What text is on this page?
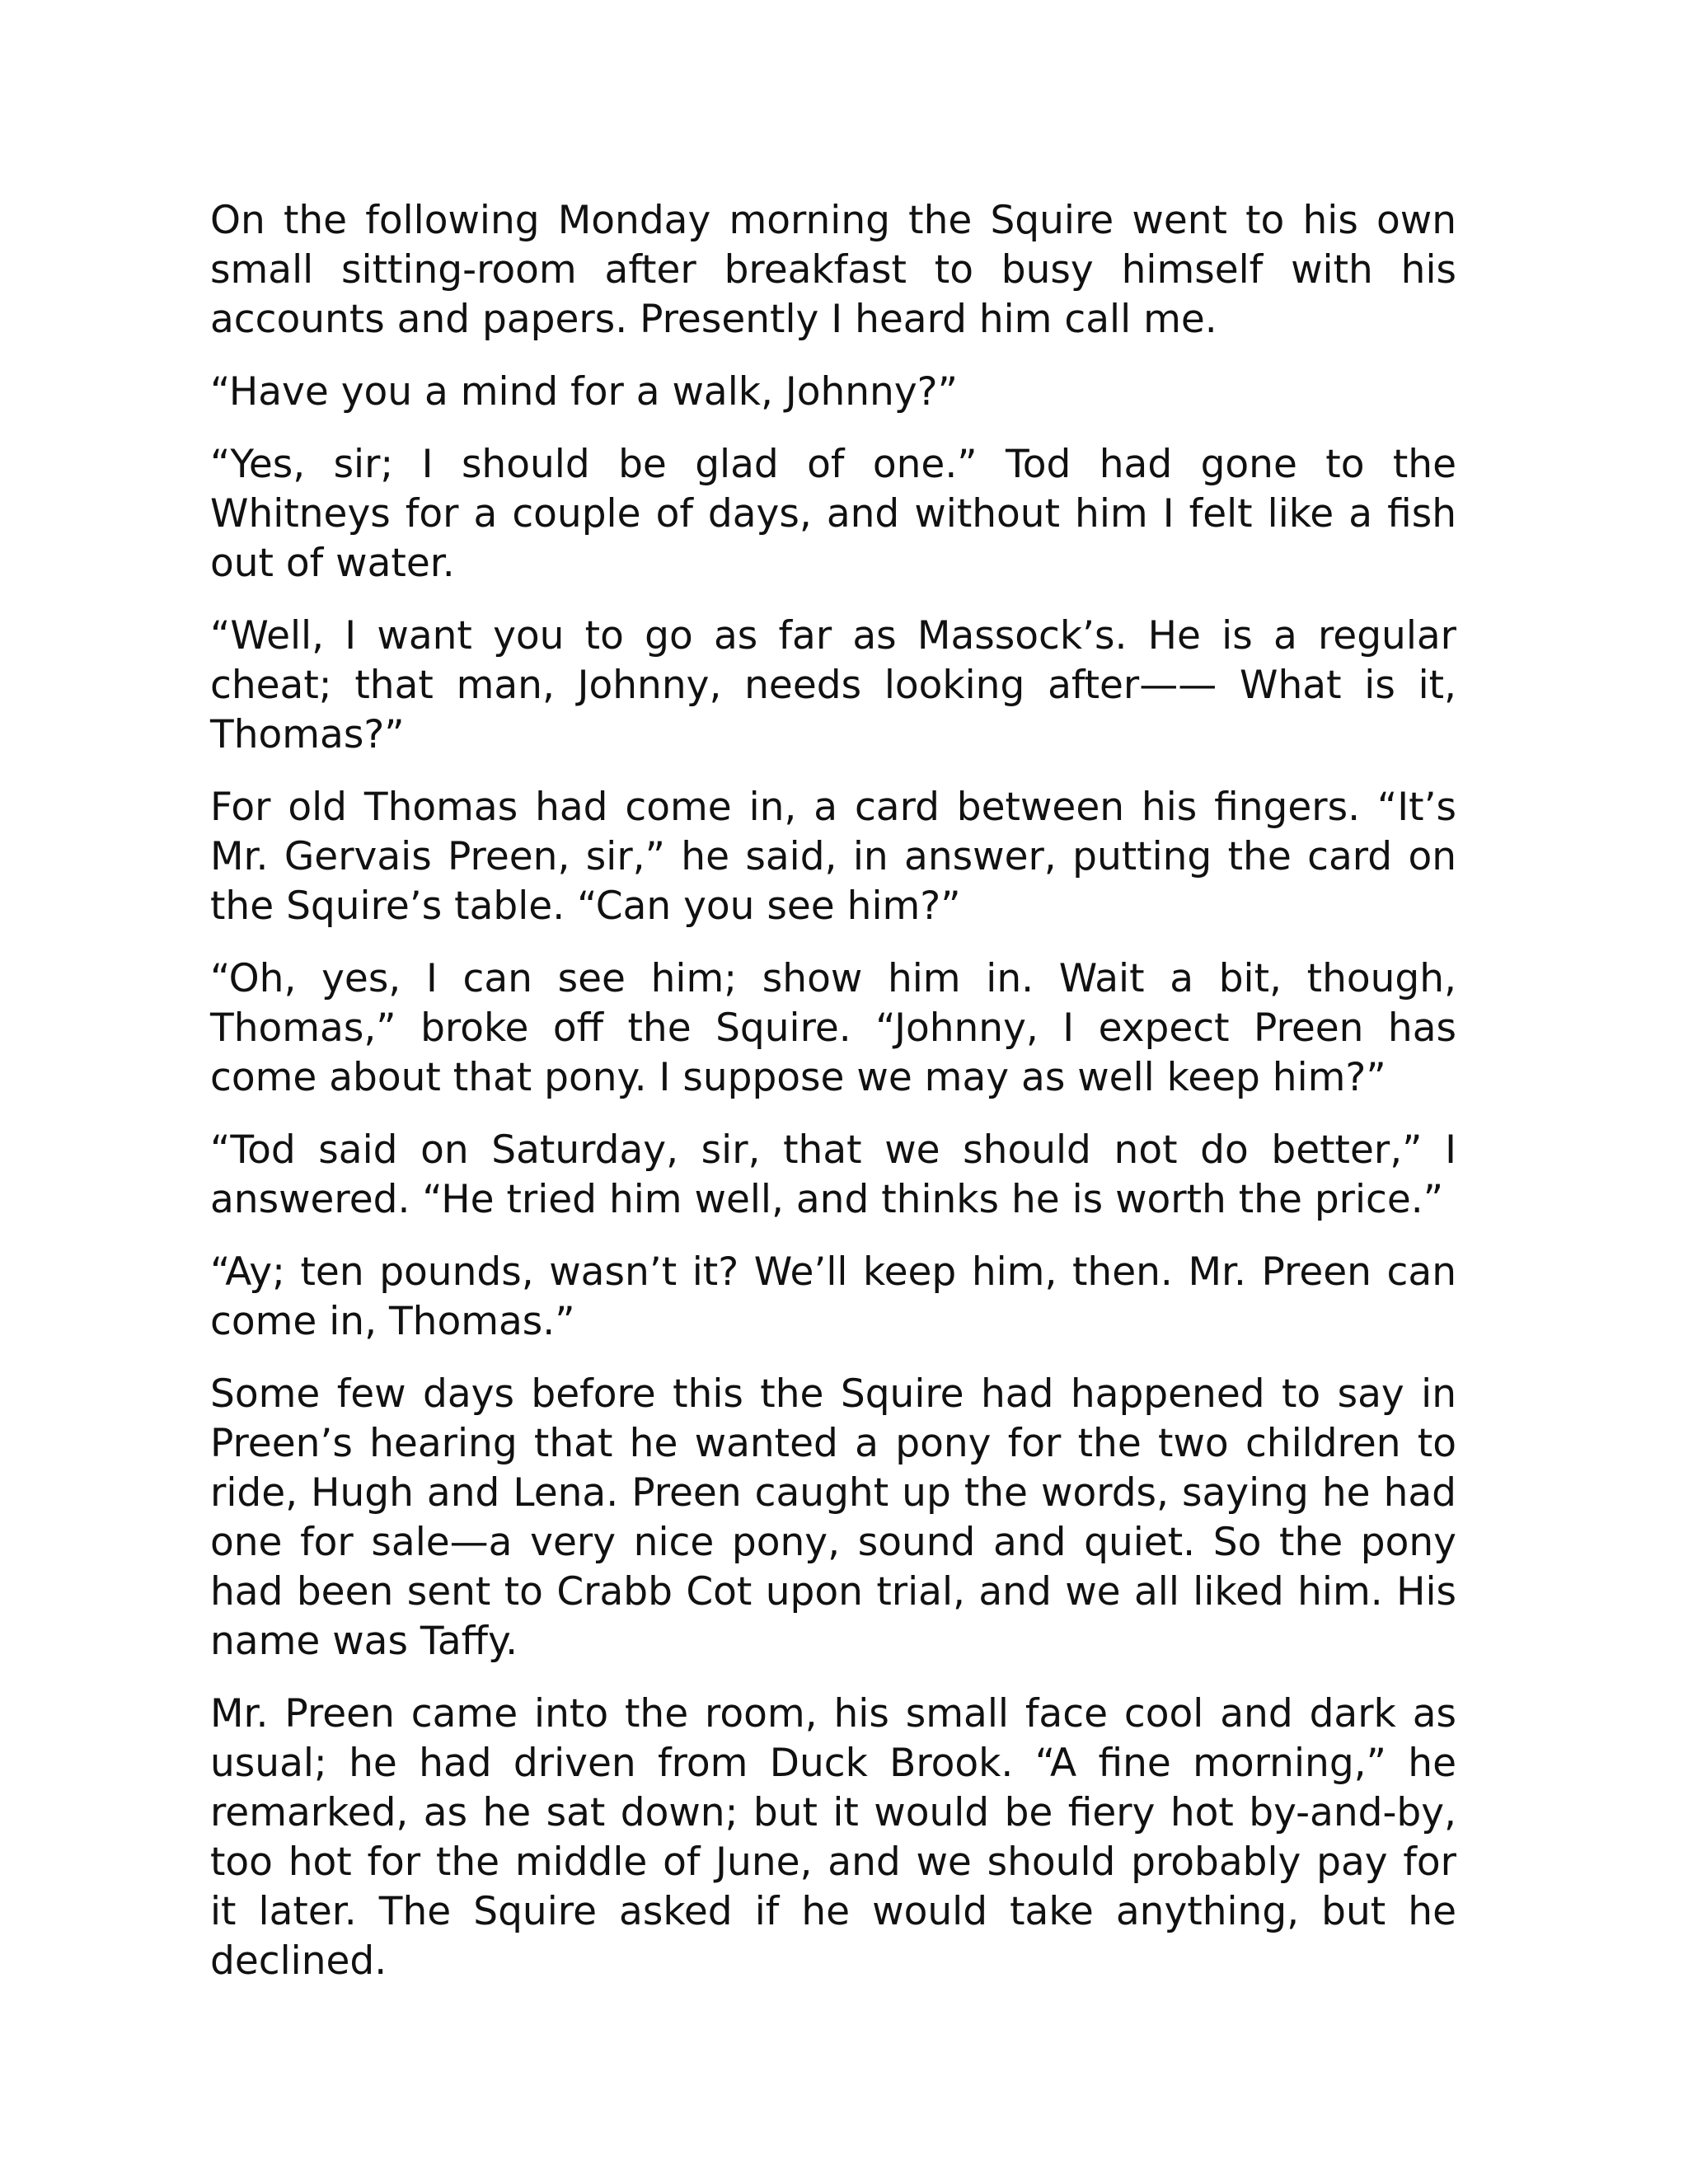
On the following Monday morning the Squire went to his own small sitting-room after breakfast to busy himself with his accounts and papers. Presently I heard him call me.

“Have you a mind for a walk, Johnny?”

“Yes, sir; I should be glad of one.” Tod had gone to the Whitneys for a couple of days, and without him I felt like a fish out of water.

“Well, I want you to go as far as Massock’s. He is a regular cheat; that man, Johnny, needs looking after—— What is it, Thomas?”

For old Thomas had come in, a card between his fingers. “It’s Mr. Gervais Preen, sir,” he said, in answer, putting the card on the Squire’s table. “Can you see him?”

“Oh, yes, I can see him; show him in. Wait a bit, though, Thomas,” broke off the Squire. “Johnny, I expect Preen has come about that pony. I suppose we may as well keep him?”

“Tod said on Saturday, sir, that we should not do better,” I answered. “He tried him well, and thinks he is worth the price.”

“Ay; ten pounds, wasn’t it? We’ll keep him, then. Mr. Preen can come in, Thomas.”

Some few days before this the Squire had happened to say in Preen’s hearing that he wanted a pony for the two children to ride, Hugh and Lena. Preen caught up the words, saying he had one for sale—a very nice pony, sound and quiet. So the pony had been sent to Crabb Cot upon trial, and we all liked him. His name was Taffy.

Mr. Preen came into the room, his small face cool and dark as usual; he had driven from Duck Brook. “A fine morning,” he remarked, as he sat down; but it would be fiery hot by-and-by, too hot for the middle of June, and we should probably pay for it later. The Squire asked if he would take anything, but he declined.
